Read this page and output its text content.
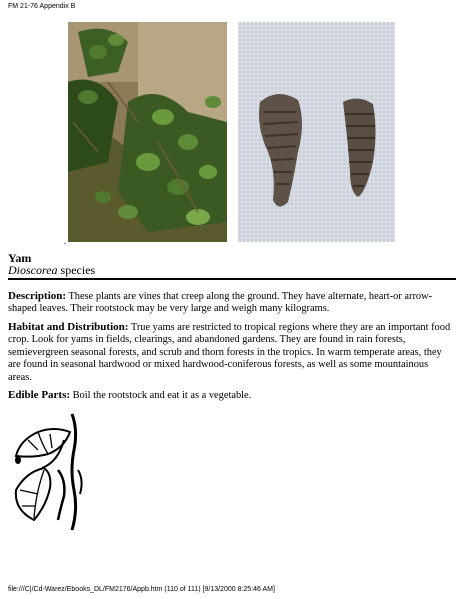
FM 21-76 Appendix B
Yam
Dioscorea species
Description: These plants are vines that creep along the ground. They have alternate, heart-or arrow-shaped leaves. Their rootstock may be very large and weigh many kilograms.
Habitat and Distribution: True yams are restricted to tropical regions where they are an important food crop. Look for yams in fields, clearings, and abandoned gardens. They are found in rain forests, semievergreen seasonal forests, and scrub and thorn forests in the tropics. In warm temperate areas, they are found in seasonal hardwood or mixed hardwood-coniferous forests, as well as some mountainous areas.
Edible Parts: Boil the rootstock and eat it as a vegetable.
file:///C|/Cd-Warez/Ebooks_DL/FM2176/Appb.htm (110 of 111) [9/13/2000 8:25:46 AM]
